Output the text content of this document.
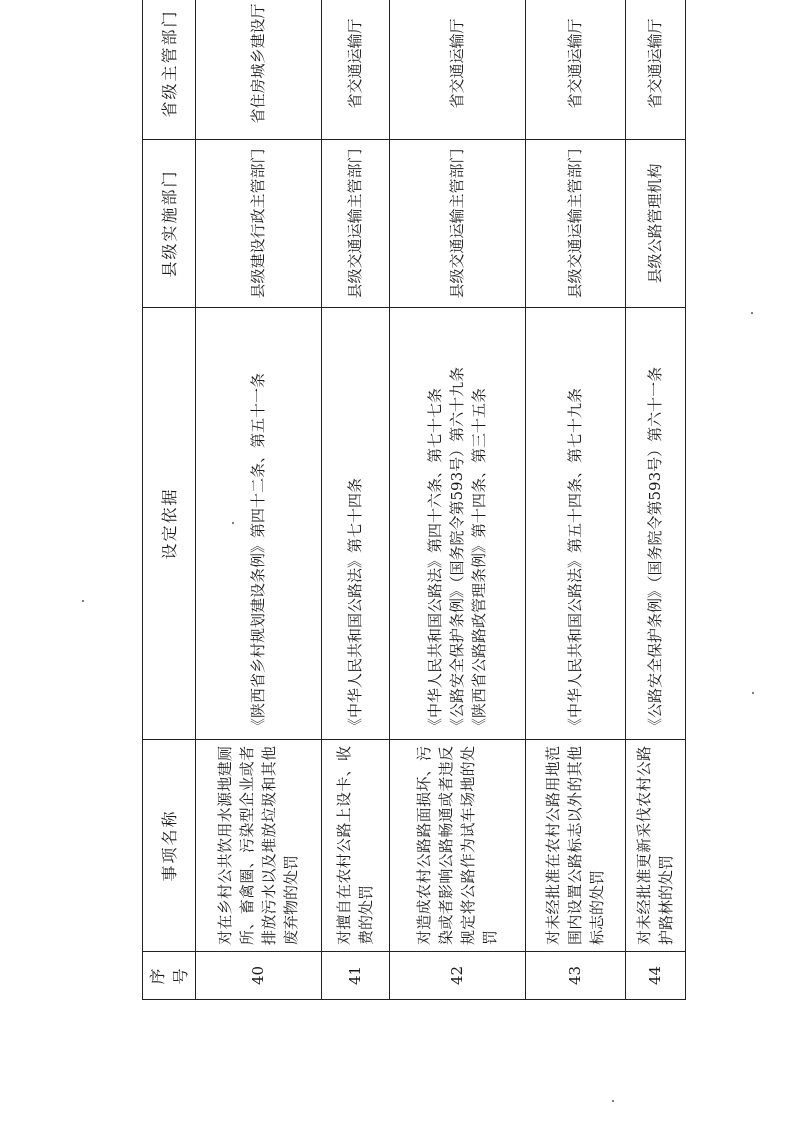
序号	事项名称	设定依据	县级实施部门	省级主管部门
40	对在乡村公共饮用水源地建厕所、畜禽圈、污染型企业或者排放污水以及堆放垃圾和其他废弃物的处罚	《陕西省乡村规划建设条例》第四十二条、第五十一条	县级建设行政主管部门	省住房城乡建设厅
41	对擅自在农村公路上设卡、收费的处罚	《中华人民共和国公路法》第七十四条	县级交通运输主管部门	省交通运输厅
42	对造成农村公路路面损坏、污染或者影响公路畅通或者违反规定将公路作为试车场地的处罚	《中华人民共和国公路法》第四十六条、第七十七条 《公路安全保护条例》（国务院令第593号）第六十九条 《陕西省公路路政管理条例》第十四条、第三十五条	县级交通运输主管部门	省交通运输厅
43	对未经批准在农村公路用地范围内设置公路标志以外的其他标志的处罚	《中华人民共和国公路法》第五十四条、第七十九条	县级交通运输主管部门	省交通运输厅
44	对未经批准更新采伐农村公路护路林的处罚	《公路安全保护条例》（国务院令第593号）第六十一条	县级公路管理机构	省交通运输厅
